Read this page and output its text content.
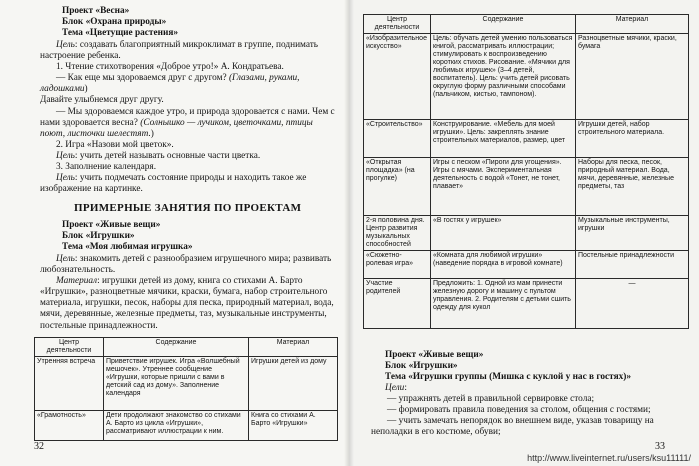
Проект «Весна»
Блок «Охрана природы»
Тема «Цветущие растения»

Цель: создавать благоприятный микроклимат в группе, поднимать настроение ребенка.

1. Чтение стихотворения «Доброе утро!» А. Кондратьева.

— Как еще мы здороваемся друг с другом? (Глазами, руками, ладошками)

Давайте улыбнемся друг другу.

— Мы здороваемся каждое утро, и природа здоровается с нами. Чем с нами здоровается весна? (Солнышко — лучиком, цветочками, птицы поют, листочки шелестят.)

2. Игра «Назови мой цветок».

Цель: учить детей называть основные части цветка.

3. Заполнение календаря.

Цель: учить подмечать состояние природы и находить такое же изображение на картинке.

ПРИМЕРНЫЕ ЗАНЯТИЯ ПО ПРОЕКТАМ
Проект «Живые вещи»
Блок «Игрушки»
Тема «Моя любимая игрушка»

Цель: знакомить детей с разнообразием игрушечного мира; развивать любознательность.

Материал: игрушки детей из дому, книга со стихами А. Барто «Игрушки», разноцветные мячики, краски, бумага, набор строительного материала, игрушки, песок, наборы для песка, природный материал, вода, мячи, деревянные, железные предметы, таз, музыкальные инструменты, постельные принадлежности.

Центр деятельности	Содержание	Материал
Утренняя встреча	Приветствие игрушек. Игра «Волшебный мешочек». Утреннее сообщение «Игрушки, которые пришли с вами в детский сад из дому». Заполнение календаря	Игрушки детей из дому
«Грамотность»	Дети продолжают знакомство со стихами А. Барто из цикла «Игрушки», рассматривают иллюстрации к ним.	Книга со стихами А. Барто «Игрушки»
32
Центр деятельности	Содержание	Материал
«Изобразительное искусство»	Цель: обучать детей умению пользоваться книгой, рассматривать иллюстрации; стимулировать к воспроизведению коротких стихов. Рисование. «Мячики для любимых игрушек» (3–4 детей, воспитатель). Цель: учить детей рисовать округлую форму различными способами (пальчиком, кистью, тампоном).	Разноцветные мячики, краски, бумага
«Строительство»	Конструирование. «Мебель для моей игрушки». Цель: закреплять знание строительных материалов, размер, цвет	Игрушки детей, набор строительного материала.
«Открытая площадка» (на прогулке)	Игры с песком «Пироги для угощения». Игры с мячами. Экспериментальная деятельность с водой «Тонет, не тонет, плавает»	Наборы для песка, песок, природный материал. Вода, мячи, деревянные, железные предметы, таз
2-я половина дня. Центр развития музыкальных способностей	«В гостях у игрушек»	Музыкальные инструменты, игрушки
«Сюжетно-ролевая игра»	«Комната для любимой игрушки» (наведение порядка в игровой комнате)	Постельные принадлежности
Участие родителей	Предложить: 1. Одной из мам принести железную дорогу и машину с пультом управления. 2. Родителям с детьми сшить одежду для кукол	—
Проект «Живые вещи»
Блок «Игрушки»
Тема «Игрушки группы (Мишка с куклой у нас в гостях)»
Цели:

— упражнять детей в правильной сервировке стола;

— формировать правила поведения за столом, общения с гостями;

— учить замечать непорядок во внешнем виде, указав товарищу на неполадки в его костюме, обуви;

33
http://www.liveinternet.ru/users/ksu11111/
